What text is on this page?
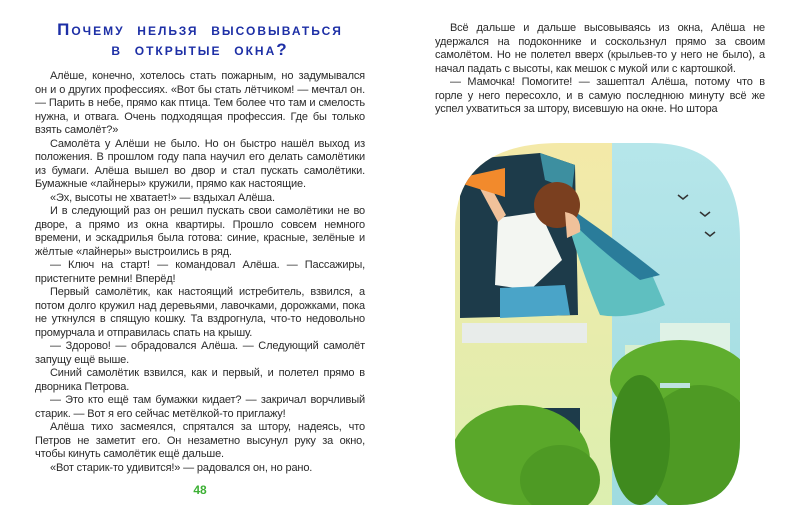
Почему нельзя высовываться
в открытые окна?

Алёше, конечно, хотелось стать пожарным, но задумывался он и о других профессиях. «Вот бы стать лётчиком! — мечтал он. — Парить в небе, прямо как птица. Тем более что там и смелость нужна, и отвага. Очень подходящая профессия. Где бы только взять самолёт?»

Самолёта у Алёши не было. Но он быстро нашёл выход из положения. В прошлом году папа научил его делать самолётики из бумаги. Алёша вышел во двор и стал пускать самолётики. Бумажные «лайнеры» кружили, прямо как настоящие.

«Эх, высоты не хватает!» — вздыхал Алёша.

И в следующий раз он решил пускать свои самолётики не во дворе, а прямо из окна квартиры. Прошло совсем немного времени, и эскадрилья была готова: синие, красные, зелёные и жёлтые «лайнеры» выстроились в ряд.

— Ключ на старт! — командовал Алёша. — Пассажиры, пристегните ремни! Вперёд!

Первый самолётик, как настоящий истребитель, взвился, а потом долго кружил над деревьями, лавочками, дорожками, пока не уткнулся в спящую кошку. Та вздрогнула, что-то недовольно промурчала и отправилась спать на крышу.

— Здорово! — обрадовался Алёша. — Следующий самолёт запущу ещё выше.

Синий самолётик взвился, как и первый, и полетел прямо в дворника Петрова.

— Это кто ещё там бумажки кидает? — закричал ворчливый старик. — Вот я его сейчас метёлкой-то приглажу!

Алёша тихо засмеялся, спрятался за штору, надеясь, что Петров не заметит его. Он незаметно высунул руку за окно, чтобы кинуть самолётик ещё дальше.

«Вот старик-то удивится!» — радовался он, но рано.

48

Всё дальше и дальше высовываясь из окна, Алёша не удержался на подоконнике и соскользнул прямо за своим самолётом. Но не полетел вверх (крыльев-то у него не было), а начал падать с высоты, как мешок с мукой или с картошкой.

— Мамочка! Помогите! — зашептал Алёша, потому что в горле у него пересохло, и в самую последнюю минуту всё же успел ухватиться за штору, висевшую на окне. Но штора
